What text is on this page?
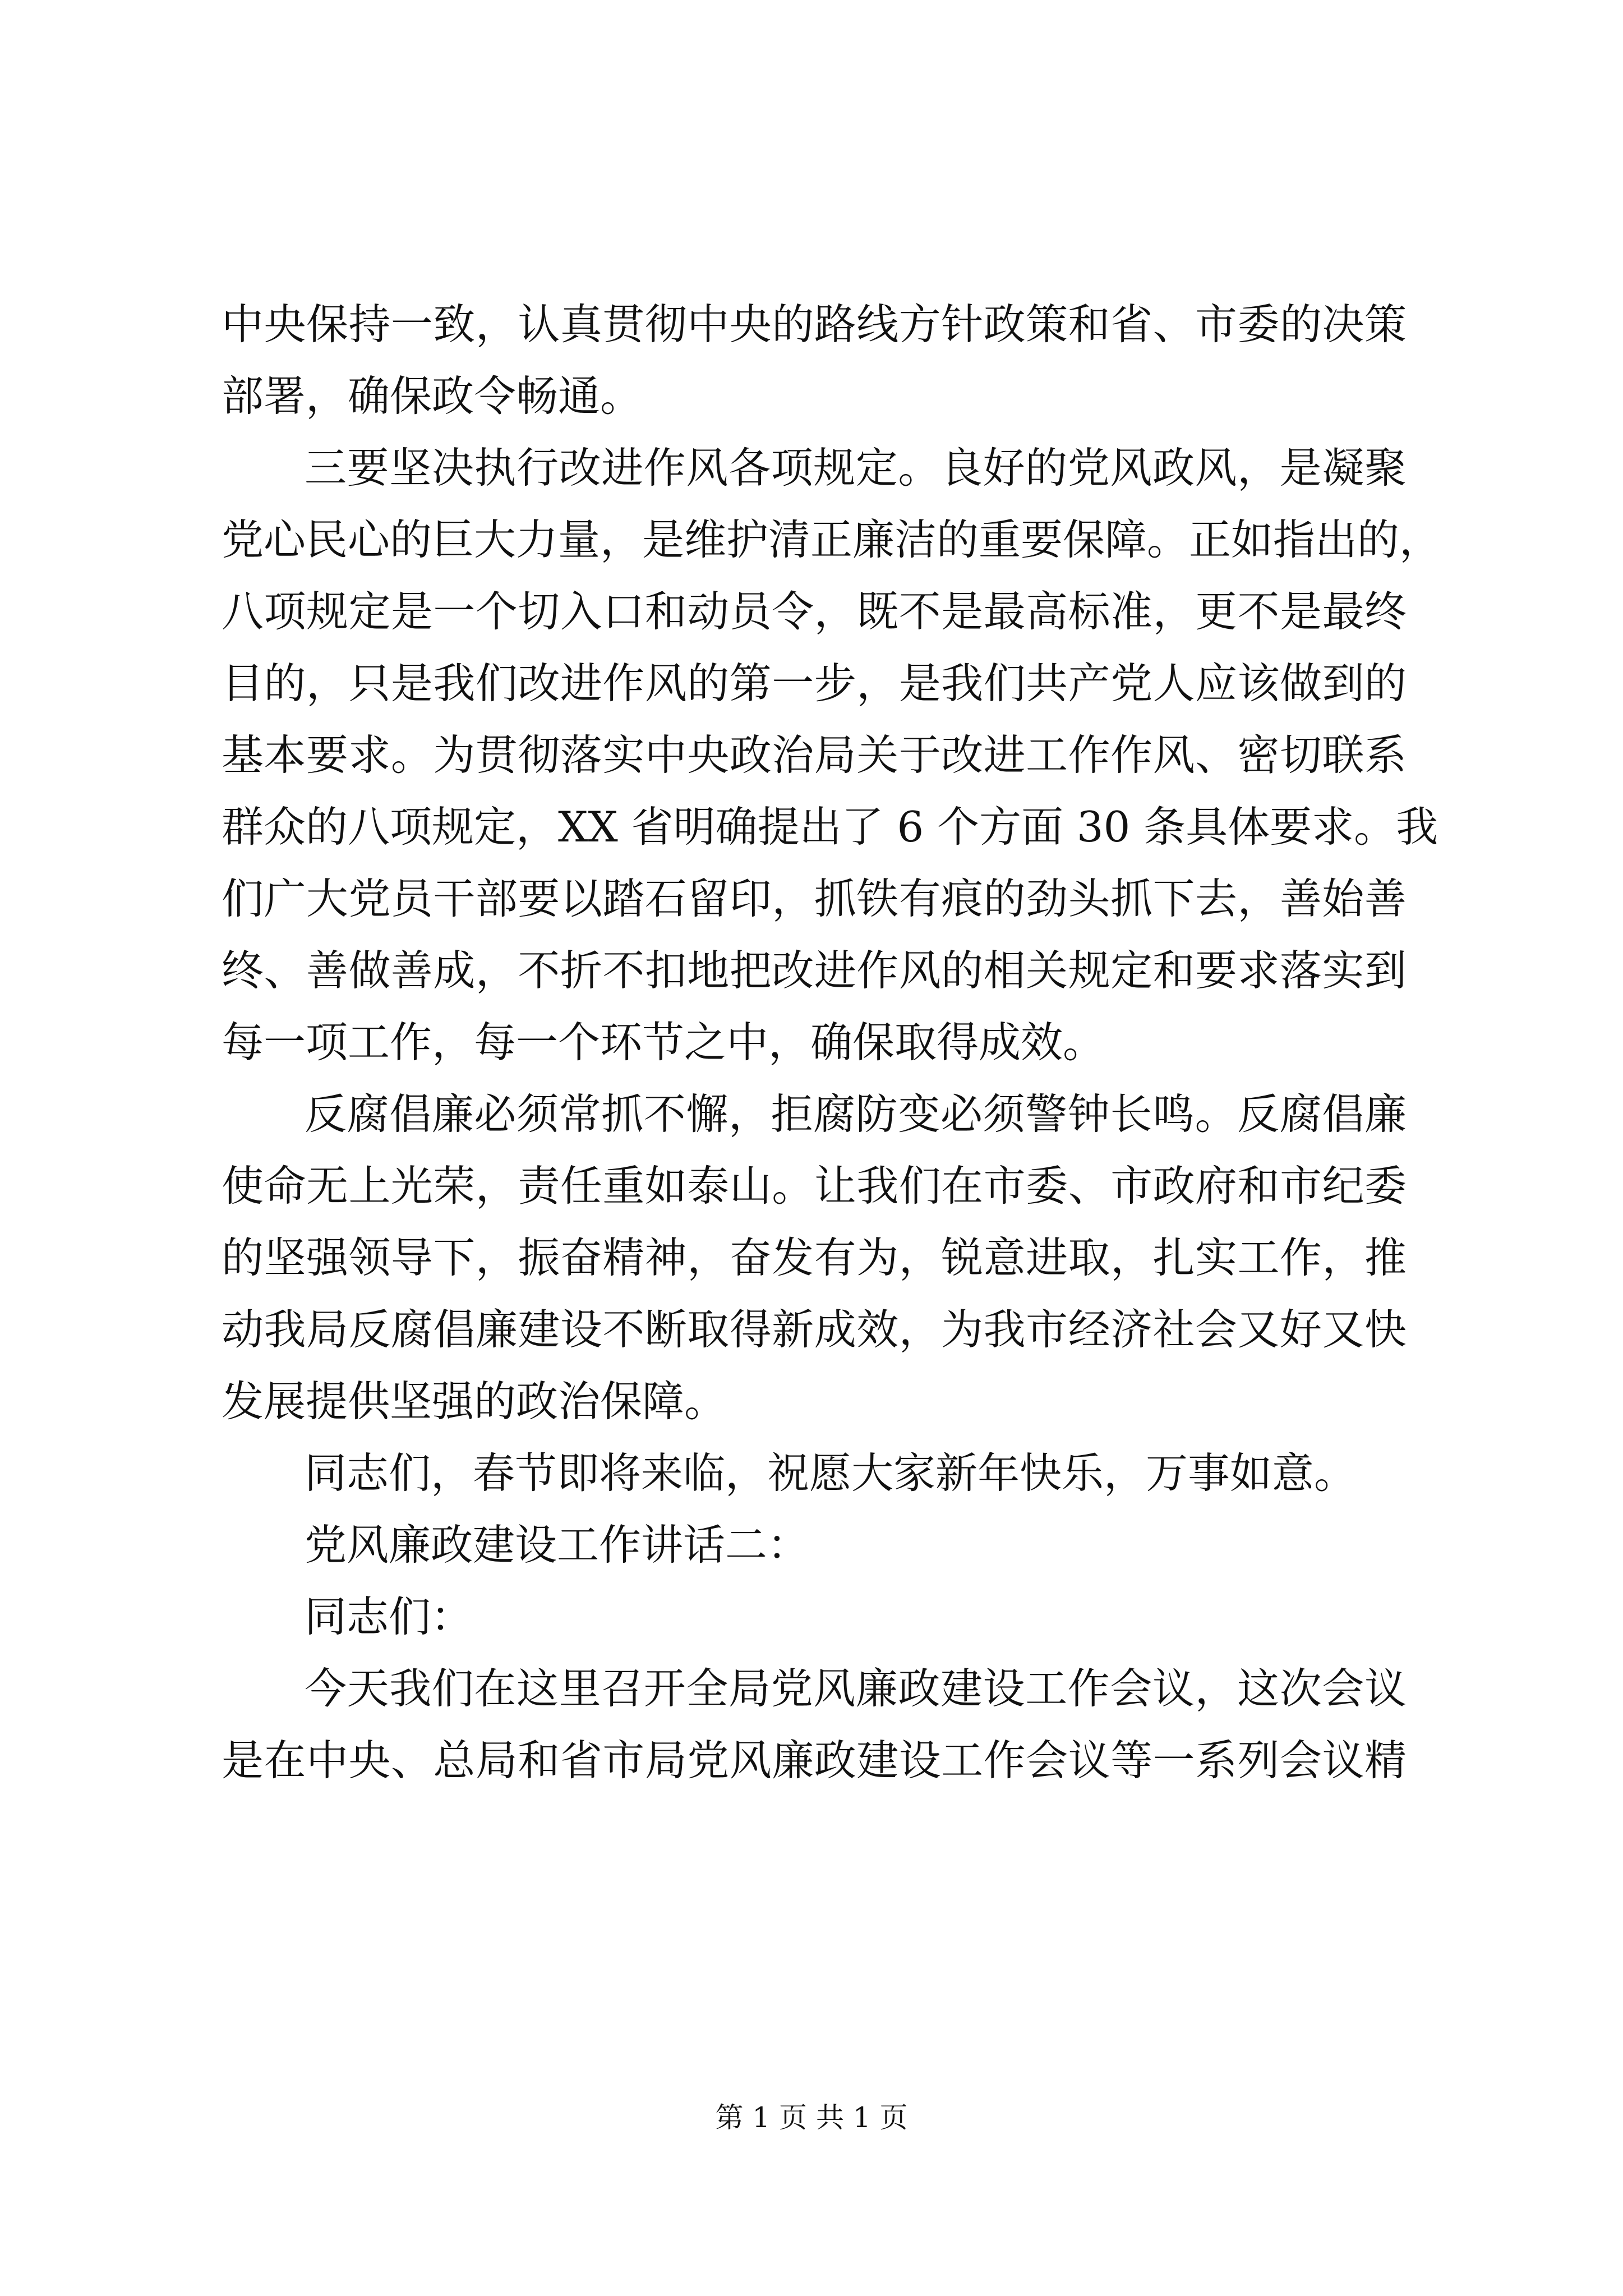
中央保持一致，认真贯彻中央的路线方针政策和省、市委的决策
部署，确保政令畅通。
三要坚决执行改进作风各项规定。良好的党风政风，是凝聚
党心民心的巨大力量，是维护清正廉洁的重要保障。正如指出的，
八项规定是一个切入口和动员令，既不是最高标准，更不是最终
目的，只是我们改进作风的第一步，是我们共产党人应该做到的
基本要求。为贯彻落实中央政治局关于改进工作作风、密切联系
群众的八项规定，XX 省明确提出了 6 个方面 30 条具体要求。我
们广大党员干部要以踏石留印，抓铁有痕的劲头抓下去，善始善
终、善做善成，不折不扣地把改进作风的相关规定和要求落实到
每一项工作，每一个环节之中，确保取得成效。
反腐倡廉必须常抓不懈，拒腐防变必须警钟长鸣。反腐倡廉
使命无上光荣，责任重如泰山。让我们在市委、市政府和市纪委
的坚强领导下，振奋精神，奋发有为，锐意进取，扎实工作，推
动我局反腐倡廉建设不断取得新成效，为我市经济社会又好又快
发展提供坚强的政治保障。
同志们，春节即将来临，祝愿大家新年快乐，万事如意。
党风廉政建设工作讲话二：
同志们：
今天我们在这里召开全局党风廉政建设工作会议，这次会议
是在中央、总局和省市局党风廉政建设工作会议等一系列会议精
第 1 页 共 1 页
